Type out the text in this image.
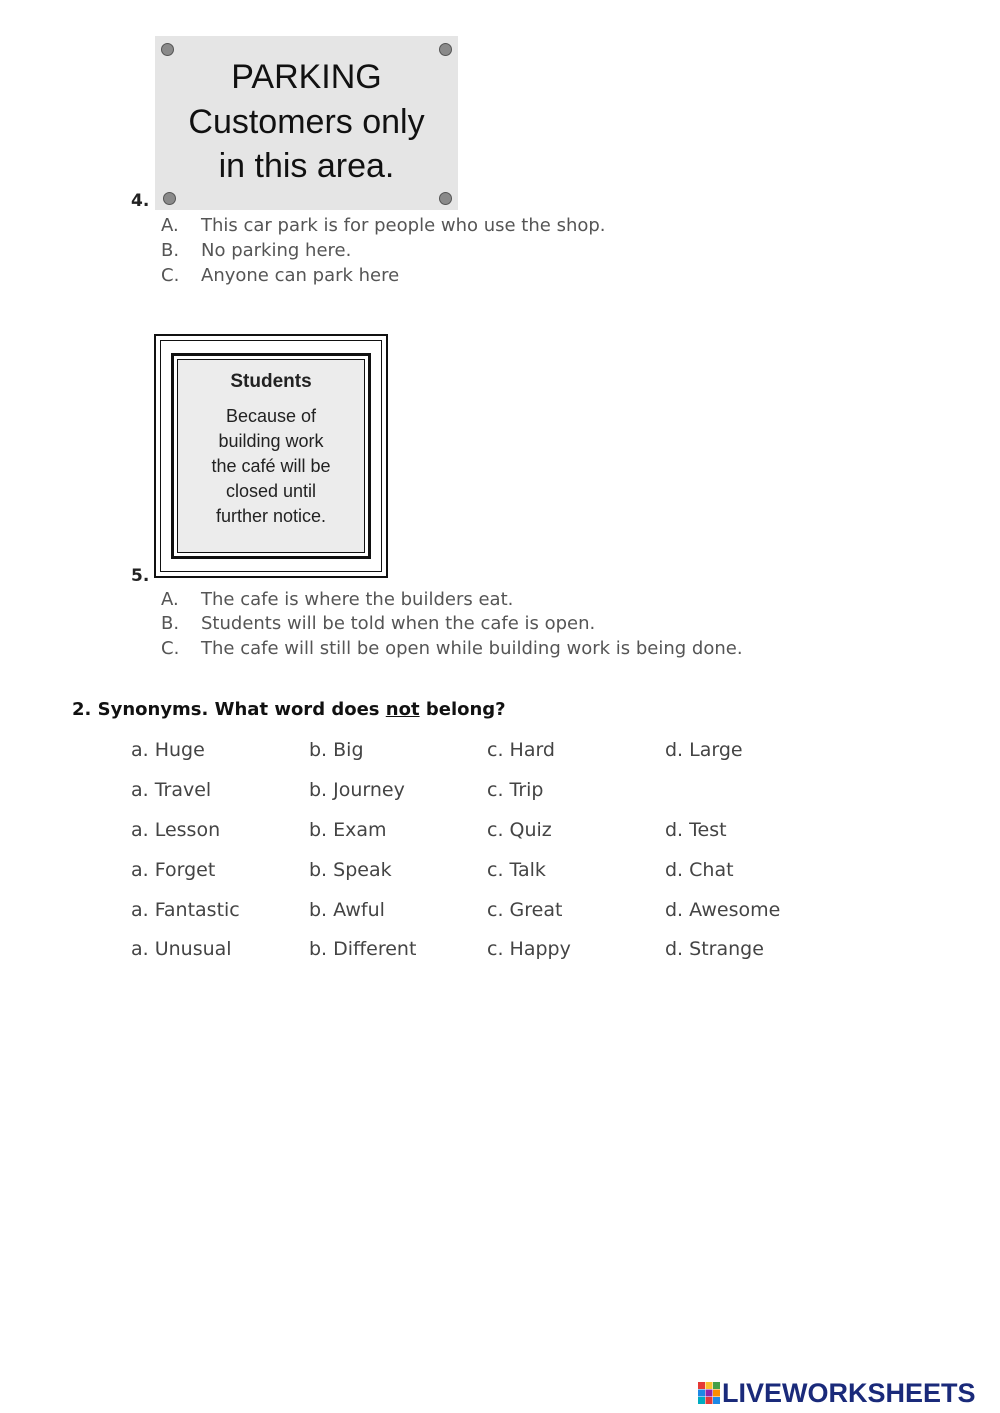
PARKING
Customers only
in this area.
4.
A. This car park is for people who use the shop.
B. No parking here.
C. Anyone can park here
Students
Because of
building work
the café will be
closed until
further notice.
5.
A. The cafe is where the builders eat.
B. Students will be told when the cafe is open.
C. The cafe will still be open while building work is being done.
2. Synonyms. What word does not belong?
a. Huge	b. Big	c. Hard	d. Large
a. Travel	b. Journey	c. Trip
a. Lesson	b. Exam	c. Quiz	d. Test
a. Forget	b. Speak	c. Talk	d. Chat
a. Fantastic	b. Awful	c. Great	d. Awesome
a. Unusual	b. Different	c. Happy	d. Strange
LIVEWORKSHEETS
